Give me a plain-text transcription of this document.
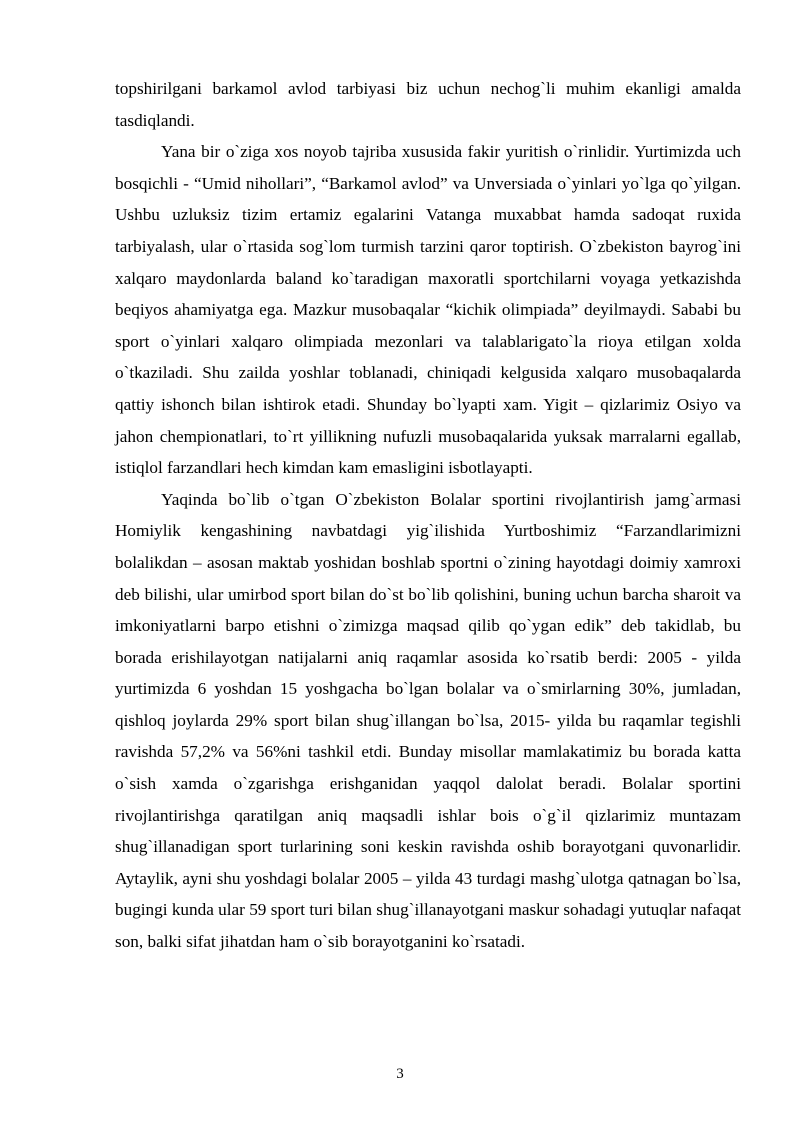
topshirilgani barkamol avlod tarbiyasi biz uchun nechog`li muhim ekanligi amalda tasdiqlandi.

Yana bir o`ziga xos noyob tajriba xususida fakir yuritish o`rinlidir. Yurtimizda uch bosqichli - “Umid nihollari”, “Barkamol avlod” va Unversiada o`yinlari yo`lga qo`yilgan. Ushbu uzluksiz tizim ertamiz egalarini Vatanga muxabbat hamda sadoqat ruxida tarbiyalash, ular o`rtasida sog`lom turmish tarzini qaror toptirish. O`zbekiston bayrog`ini xalqaro maydonlarda baland ko`taradigan maxoratli sportchilarni voyaga yetkazishda beqiyos ahamiyatga ega. Mazkur musobaqalar “kichik olimpiada” deyilmaydi. Sababi bu sport o`yinlari xalqaro olimpiada mezonlari va talablarigato`la rioya etilgan xolda o`tkaziladi. Shu zailda yoshlar toblanadi, chiniqadi kelgusida xalqaro musobaqalarda qattiy ishonch bilan ishtirok etadi. Shunday bo`lyapti xam. Yigit – qizlarimiz Osiyo va jahon chempionatlari, to`rt yillikning nufuzli musobaqalarida yuksak marralarni egallab, istiqlol farzandlari hech kimdan kam emasligini isbotlayapti.

Yaqinda bo`lib o`tgan O`zbekiston Bolalar sportini rivojlantirish jamg`armasi Homiylik kengashining navbatdagi yig`ilishida Yurtboshimiz “Farzandlarimizni bolalikdan – asosan maktab yoshidan boshlab sportni o`zining hayotdagi doimiy xamroxi deb bilishi, ular umirbod sport bilan do`st bo`lib qolishini, buning uchun barcha sharoit va imkoniyatlarni barpo etishni o`zimizga maqsad qilib qo`ygan edik” deb takidlab, bu borada erishilayotgan natijalarni aniq raqamlar asosida ko`rsatib berdi: 2005 - yilda yurtimizda 6 yoshdan 15 yoshgacha bo`lgan bolalar va o`smirlarning 30%, jumladan, qishloq joylarda 29% sport bilan shug`illangan bo`lsa, 2015- yilda bu raqamlar tegishli ravishda 57,2% va 56%ni tashkil etdi. Bunday misollar mamlakatimiz bu borada katta o`sish xamda o`zgarishga erishganidan yaqqol dalolat beradi. Bolalar sportini rivojlantirishga qaratilgan aniq maqsadli ishlar bois o`g`il qizlarimiz muntazam shug`illanadigan sport turlarining soni keskin ravishda oshib borayotgani quvonarlidir. Aytaylik, ayni shu yoshdagi bolalar 2005 – yilda 43 turdagi mashg`ulotga qatnagan bo`lsa, bugingi kunda ular 59 sport turi bilan shug`illanayotgani maskur sohadagi yutuqlar nafaqat son, balki sifat jihatdan ham o`sib borayotganini ko`rsatadi.

3
